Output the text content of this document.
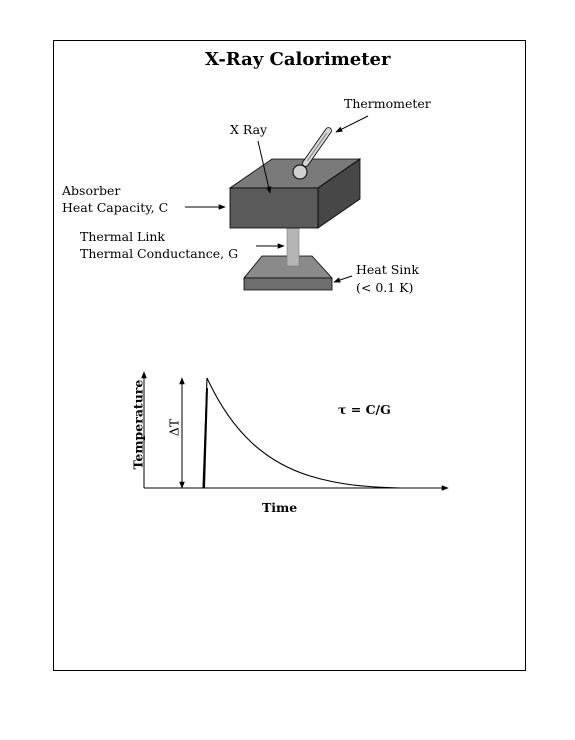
X-Ray Calorimeter
Thermometer
X Ray
Absorber
Heat Capacity, C
Thermal Link
Thermal Conductance, G
Heat Sink
(< 0.1 K)
Temperature ΔT
τ = C/G
Time
